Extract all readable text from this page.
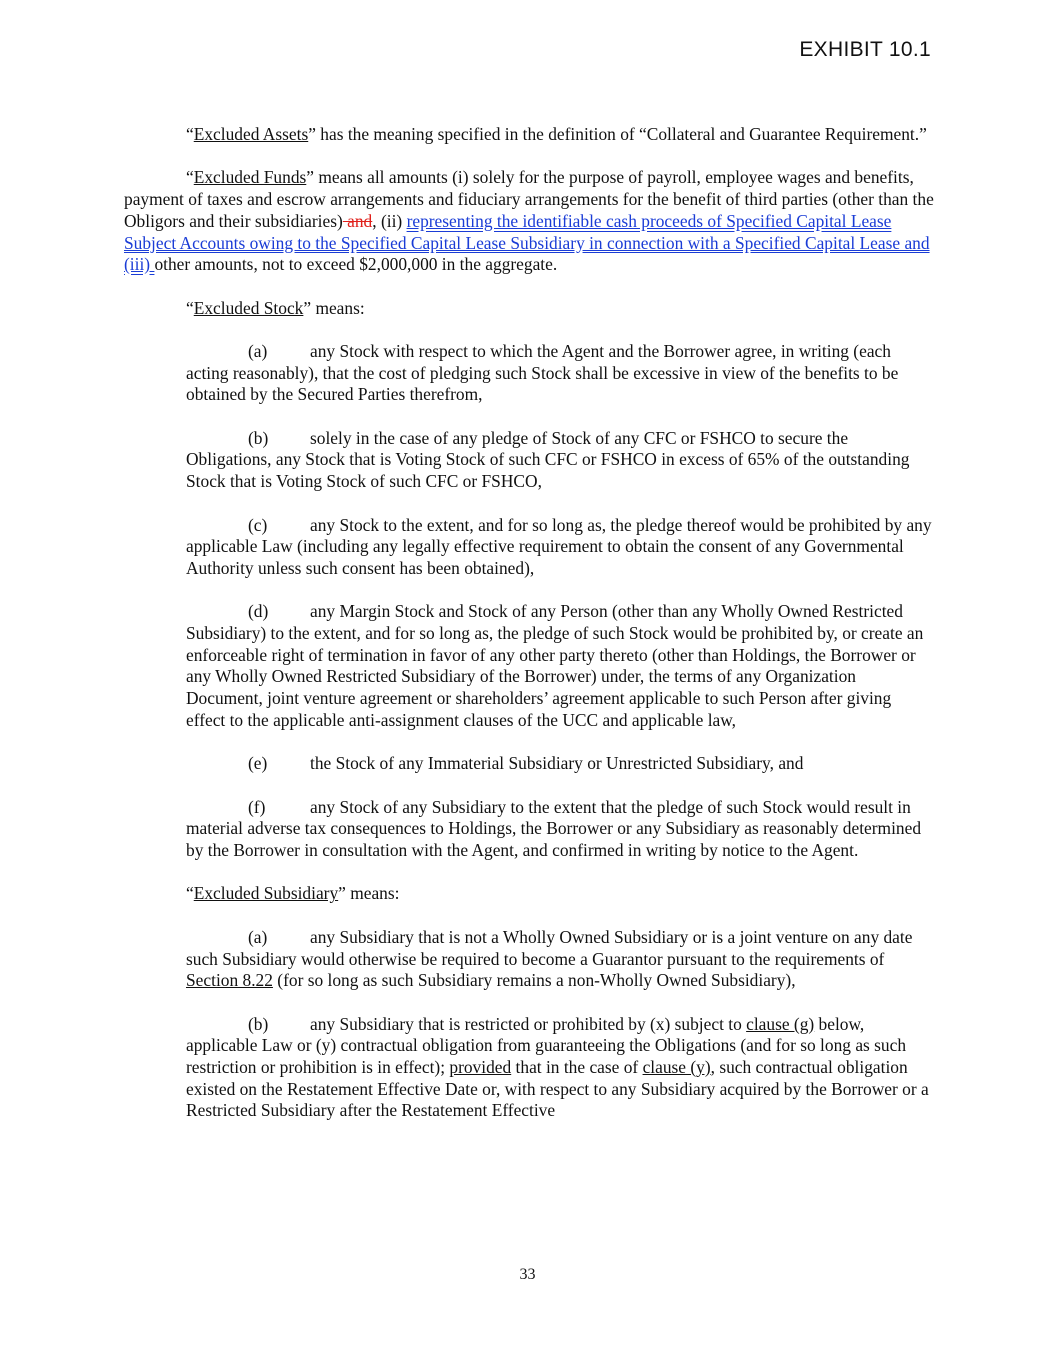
EXHIBIT 10.1

“Excluded Assets” has the meaning specified in the definition of “Collateral and Guarantee Requirement.”

“Excluded Funds” means all amounts (i) solely for the purpose of payroll, employee wages and benefits, payment of taxes and escrow arrangements and fiduciary arrangements for the benefit of third parties (other than the Obligors and their subsidiaries) and, (ii) representing the identifiable cash proceeds of Specified Capital Lease Subject Accounts owing to the Specified Capital Lease Subsidiary in connection with a Specified Capital Lease and (iii) other amounts, not to exceed $2,000,000 in the aggregate.

“Excluded Stock” means:

(a) any Stock with respect to which the Agent and the Borrower agree, in writing (each acting reasonably), that the cost of pledging such Stock shall be excessive in view of the benefits to be obtained by the Secured Parties therefrom,

(b) solely in the case of any pledge of Stock of any CFC or FSHCO to secure the Obligations, any Stock that is Voting Stock of such CFC or FSHCO in excess of 65% of the outstanding Stock that is Voting Stock of such CFC or FSHCO,

(c) any Stock to the extent, and for so long as, the pledge thereof would be prohibited by any applicable Law (including any legally effective requirement to obtain the consent of any Governmental Authority unless such consent has been obtained),

(d) any Margin Stock and Stock of any Person (other than any Wholly Owned Restricted Subsidiary) to the extent, and for so long as, the pledge of such Stock would be prohibited by, or create an enforceable right of termination in favor of any other party thereto (other than Holdings, the Borrower or any Wholly Owned Restricted Subsidiary of the Borrower) under, the terms of any Organization Document, joint venture agreement or shareholders’ agreement applicable to such Person after giving effect to the applicable anti-assignment clauses of the UCC and applicable law,

(e) the Stock of any Immaterial Subsidiary or Unrestricted Subsidiary, and

(f)	any Stock of any Subsidiary to the extent that the pledge of such Stock would result in material adverse tax consequences to Holdings, the Borrower or any Subsidiary as reasonably determined by the Borrower in consultation with the Agent, and confirmed in writing by notice to the Agent.

“Excluded Subsidiary” means:

(a) any Subsidiary that is not a Wholly Owned Subsidiary or is a joint venture on any date such Subsidiary would otherwise be required to become a Guarantor pursuant to the requirements of Section 8.22 (for so long as such Subsidiary remains a non-Wholly Owned Subsidiary),

(b) any Subsidiary that is restricted or prohibited by (x) subject to clause (g) below, applicable Law or (y) contractual obligation from guaranteeing the Obligations (and for so long as such restriction or prohibition is in effect); provided that in the case of clause (y), such contractual obligation existed on the Restatement Effective Date or, with respect to any Subsidiary acquired by the Borrower or a Restricted Subsidiary after the Restatement Effective

33
